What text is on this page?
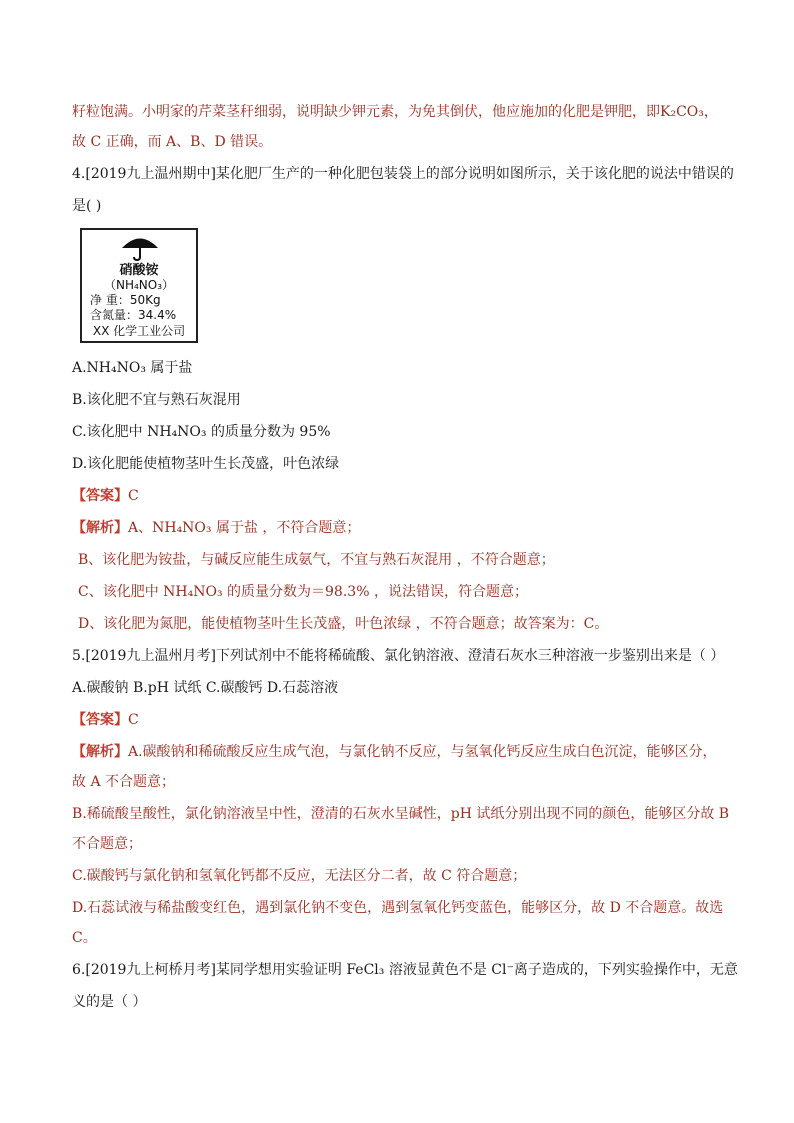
籽粒饱满。小明家的芹菜茎秆细弱，说明缺少钾元素，为免其倒伏，他应施加的化肥是钾肥，即K₂CO₃，
故 C 正确，而 A、B、D 错误。
4.[2019九上温州期中]某化肥厂生产的一种化肥包装袋上的部分说明如图所示，关于该化肥的说法中错误的
是( )
硝酸铵
（NH₄NO₃）
净 重：50Kg
含氮量：34.4%
XX 化学工业公司
A.NH₄NO₃ 属于盐
B.该化肥不宜与熟石灰混用
C.该化肥中 NH₄NO₃ 的质量分数为 95%
D.该化肥能使植物茎叶生长茂盛，叶色浓绿
【答案】C
【解析】A、NH₄NO₃ 属于盐 ，不符合题意；
B、该化肥为铵盐，与碱反应能生成氨气，不宜与熟石灰混用 ，不符合题意；
C、该化肥中 NH₄NO₃ 的质量分数为＝98.3% ，说法错误，符合题意；
D、该化肥为氮肥，能使植物茎叶生长茂盛，叶色浓绿 ，不符合题意；故答案为：C。
5.[2019九上温州月考]下列试剂中不能将稀硫酸、氯化钠溶液、澄清石灰水三种溶液一步鉴别出来是（ ）
A.碳酸钠 B.pH 试纸 C.碳酸钙 D.石蕊溶液
【答案】C
【解析】A.碳酸钠和稀硫酸反应生成气泡，与氯化钠不反应，与氢氧化钙反应生成白色沉淀，能够区分，
故 A 不合题意；
B.稀硫酸呈酸性，氯化钠溶液呈中性，澄清的石灰水呈碱性，pH 试纸分别出现不同的颜色，能够区分故 B
不合题意；
C.碳酸钙与氯化钠和氢氧化钙都不反应，无法区分二者，故 C 符合题意；
D.石蕊试液与稀盐酸变红色，遇到氯化钠不变色，遇到氢氧化钙变蓝色，能够区分，故 D 不合题意。故选
C。
6.[2019九上柯桥月考]某同学想用实验证明 FeCl₃ 溶液显黄色不是 Cl⁻离子造成的，下列实验操作中，无意
义的是（ ）
